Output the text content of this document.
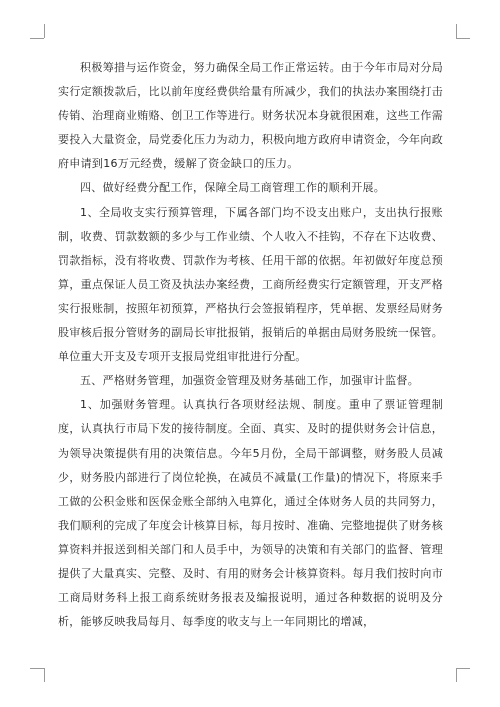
积极筹措与运作资金，努力确保全局工作正常运转。由于今年市局对分局实行定额拨款后，比以前年度经费供给量有所减少，我们的执法办案围绕打击传销、治理商业贿赂、创卫工作等进行。财务状况本身就很困难，这些工作需要投入大量资金，局党委化压力为动力，积极向地方政府申请资金，今年向政府申请到16万元经费，缓解了资金缺口的压力。

四、做好经费分配工作，保障全局工商管理工作的顺利开展。

1、全局收支实行预算管理，下属各部门均不设支出账户，支出执行报账制，收费、罚款数额的多少与工作业绩、个人收入不挂钩，不存在下达收费、罚款指标，没有将收费、罚款作为考核、任用干部的依据。年初做好年度总预算，重点保证人员工资及执法办案经费，工商所经费实行定额管理，开支严格实行报账制，按照年初预算，严格执行会签报销程序，凭单据、发票经局财务股审核后报分管财务的副局长审批报销，报销后的单据由局财务股统一保管。单位重大开支及专项开支报局党组审批进行分配。

五、严格财务管理，加强资金管理及财务基础工作，加强审计监督。

1、加强财务管理。认真执行各项财经法规、制度。重申了票证管理制度，认真执行市局下发的接待制度。全面、真实、及时的提供财务会计信息，为领导决策提供有用的决策信息。今年5月份，全局干部调整，财务股人员减少，财务股内部进行了岗位轮换，在减员不减量(工作量)的情况下，将原来手工做的公积金账和医保金账全部纳入电算化，通过全体财务人员的共同努力，我们顺利的完成了年度会计核算目标，每月按时、准确、完整地提供了财务核算资料并报送到相关部门和人员手中，为领导的决策和有关部门的监督、管理提供了大量真实、完整、及时、有用的财务会计核算资料。每月我们按时向市工商局财务科上报工商系统财务报表及编报说明，通过各种数据的说明及分析，能够反映我局每月、每季度的收支与上一年同期比的增减，
